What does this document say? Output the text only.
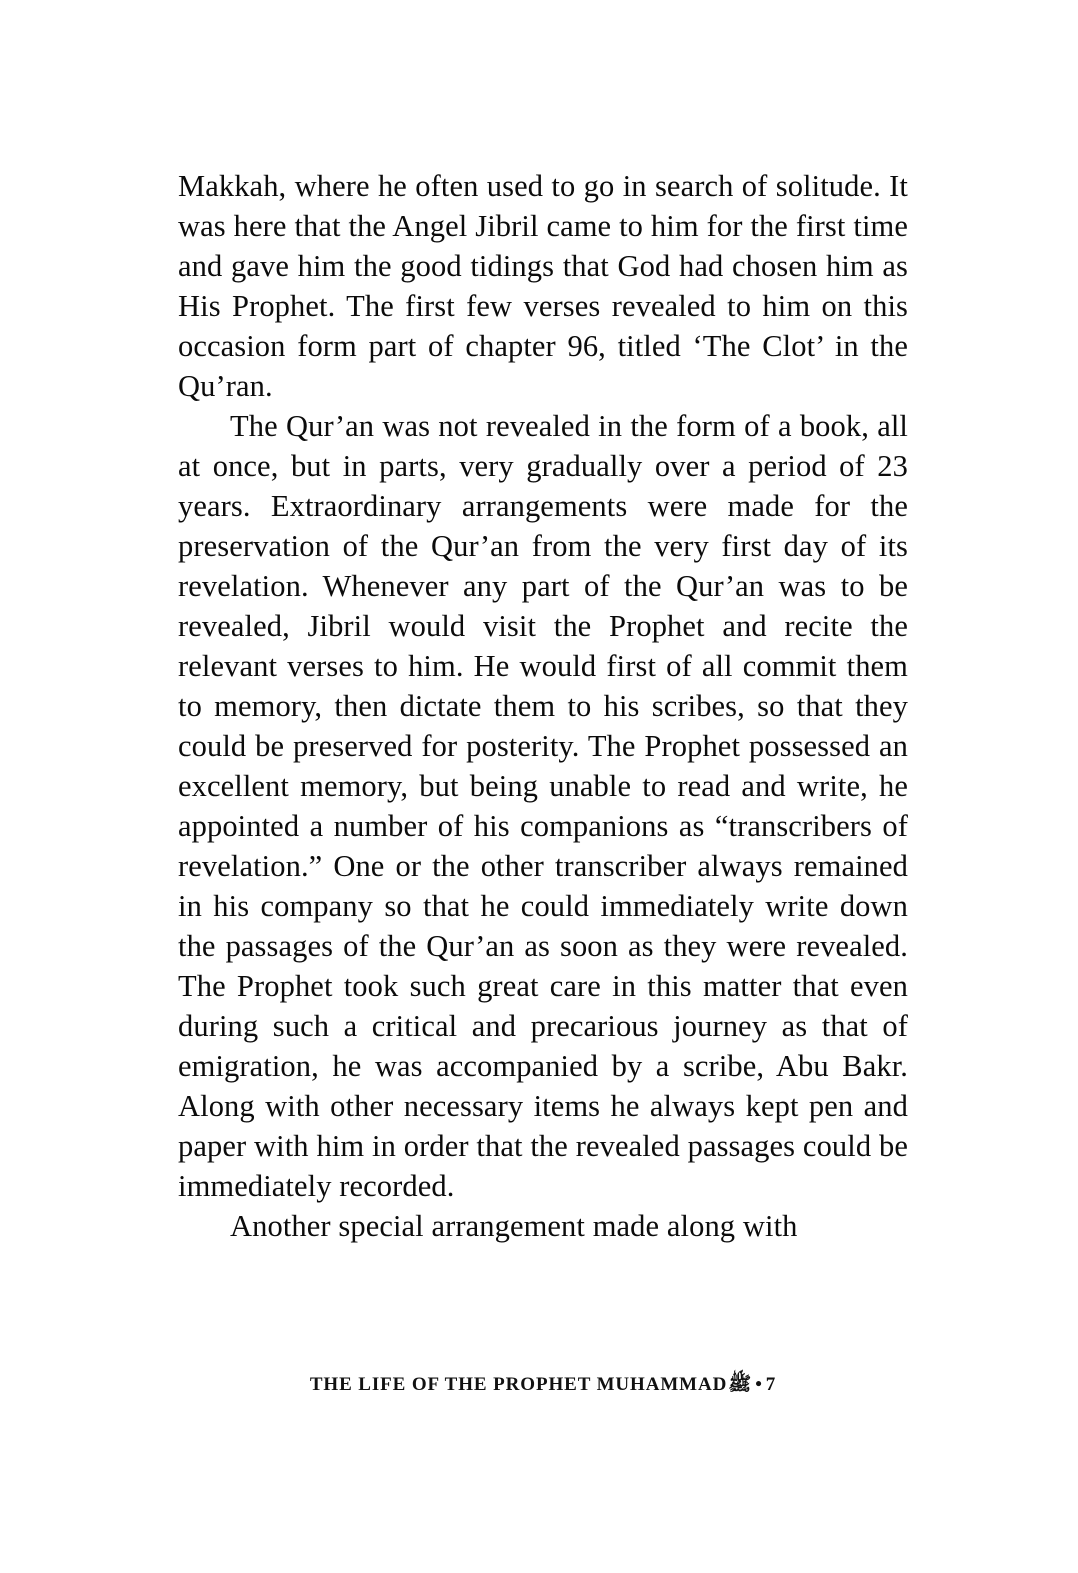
Makkah, where he often used to go in search of solitude. It was here that the Angel Jibril came to him for the first time and gave him the good tidings that God had chosen him as His Prophet. The first few verses revealed to him on this occasion form part of chapter 96, titled ‘The Clot’ in the Qu’ran.

The Qur’an was not revealed in the form of a book, all at once, but in parts, very gradually over a period of 23 years. Extraordinary arrangements were made for the preservation of the Qur’an from the very first day of its revelation. Whenever any part of the Qur’an was to be revealed, Jibril would visit the Prophet and recite the relevant verses to him. He would first of all commit them to memory, then dictate them to his scribes, so that they could be preserved for posterity. The Prophet possessed an excellent memory, but being unable to read and write, he appointed a number of his companions as “transcribers of revelation.” One or the other transcriber always remained in his company so that he could immediately write down the passages of the Qur’an as soon as they were revealed. The Prophet took such great care in this matter that even during such a critical and precarious journey as that of emigration, he was accompanied by a scribe, Abu Bakr. Along with other necessary items he always kept pen and paper with him in order that the revealed passages could be immediately recorded.

Another special arrangement made along with

THE LIFE OF THE PROPHET MUHAMMADﷺ • 7
